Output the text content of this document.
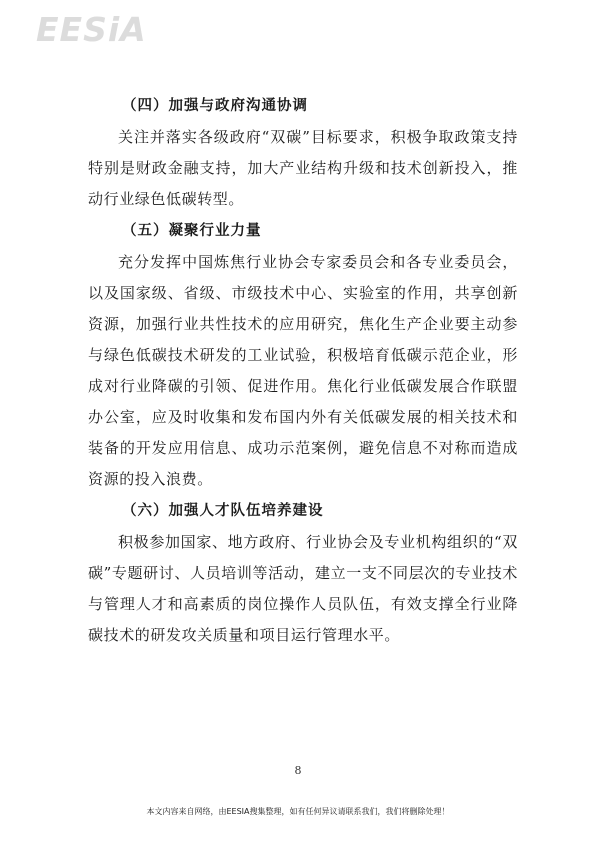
EESiA
（四）加强与政府沟通协调

关注并落实各级政府“双碳”目标要求，积极争取政策支持特别是财政金融支持，加大产业结构升级和技术创新投入，推动行业绿色低碳转型。

（五）凝聚行业力量

充分发挥中国炼焦行业协会专家委员会和各专业委员会，以及国家级、省级、市级技术中心、实验室的作用，共享创新资源，加强行业共性技术的应用研究，焦化生产企业要主动参与绿色低碳技术研发的工业试验，积极培育低碳示范企业，形成对行业降碳的引领、促进作用。焦化行业低碳发展合作联盟办公室，应及时收集和发布国内外有关低碳发展的相关技术和装备的开发应用信息、成功示范案例，避免信息不对称而造成资源的投入浪费。

（六）加强人才队伍培养建设

积极参加国家、地方政府、行业协会及专业机构组织的“双碳”专题研讨、人员培训等活动，建立一支不同层次的专业技术与管理人才和高素质的岗位操作人员队伍，有效支撑全行业降碳技术的研发攻关质量和项目运行管理水平。

8
本文内容来自网络，由EESIA搜集整理，如有任何异议请联系我们，我们将删除处理！
